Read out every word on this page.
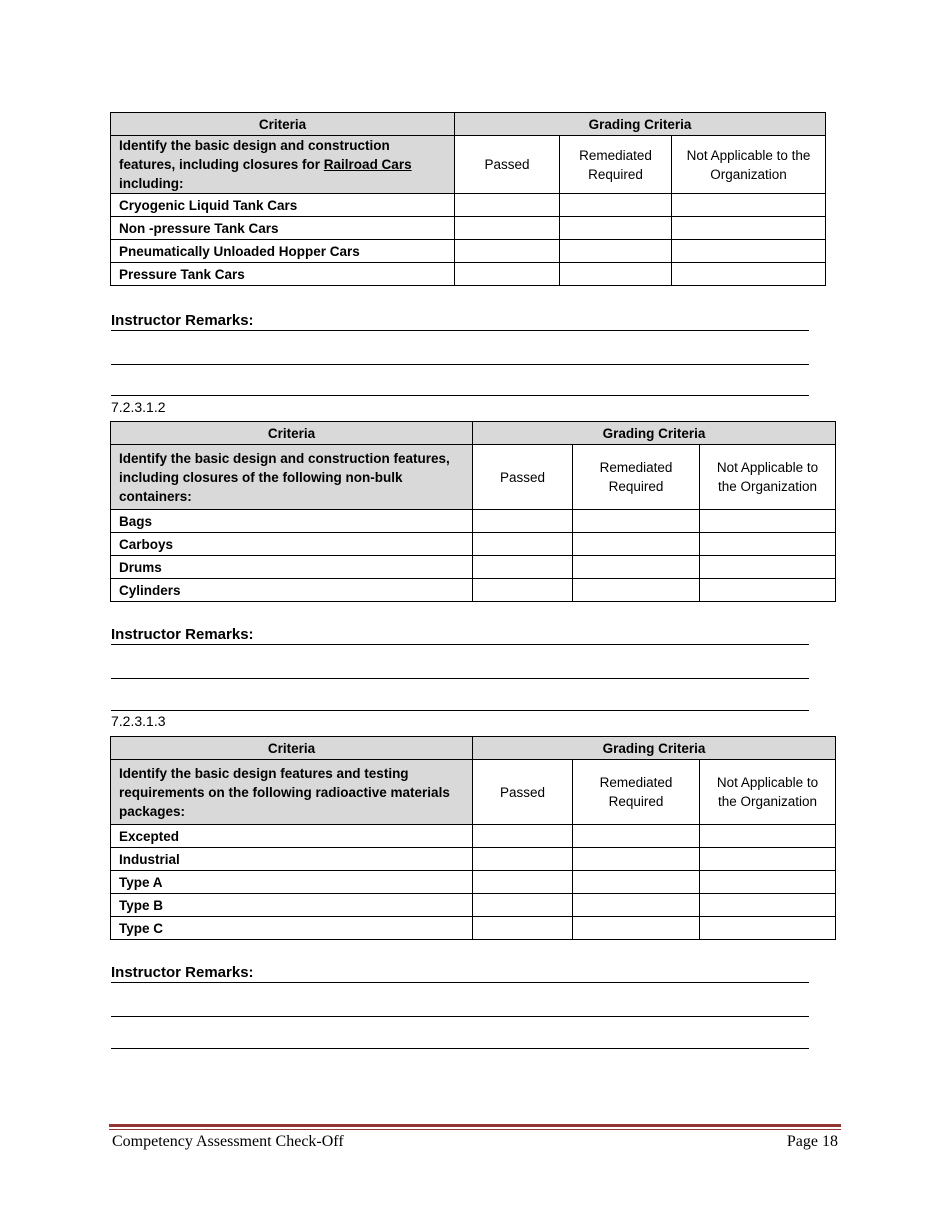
Criteria	Grading Criteria		
Identify the basic design and construction features, including closures for Railroad Cars including:	Passed	Remediated Required	Not Applicable to the Organization
Cryogenic Liquid Tank Cars			
Non -pressure Tank Cars			
Pneumatically Unloaded Hopper Cars			
Pressure Tank Cars			
Instructor Remarks:
7.2.3.1.2
Criteria	Grading Criteria		
Identify the basic design and construction features, including closures of the following non-bulk containers:	Passed	Remediated Required	Not Applicable to the Organization
Bags			
Carboys			
Drums			
Cylinders			
Instructor Remarks:
7.2.3.1.3
Criteria	Grading Criteria		
Identify the basic design features and testing requirements on the following radioactive materials packages:	Passed	Remediated Required	Not Applicable to the Organization
Excepted			
Industrial			
Type A			
Type B			
Type C			
Instructor Remarks:
Competency Assessment Check-Off	Page 18
